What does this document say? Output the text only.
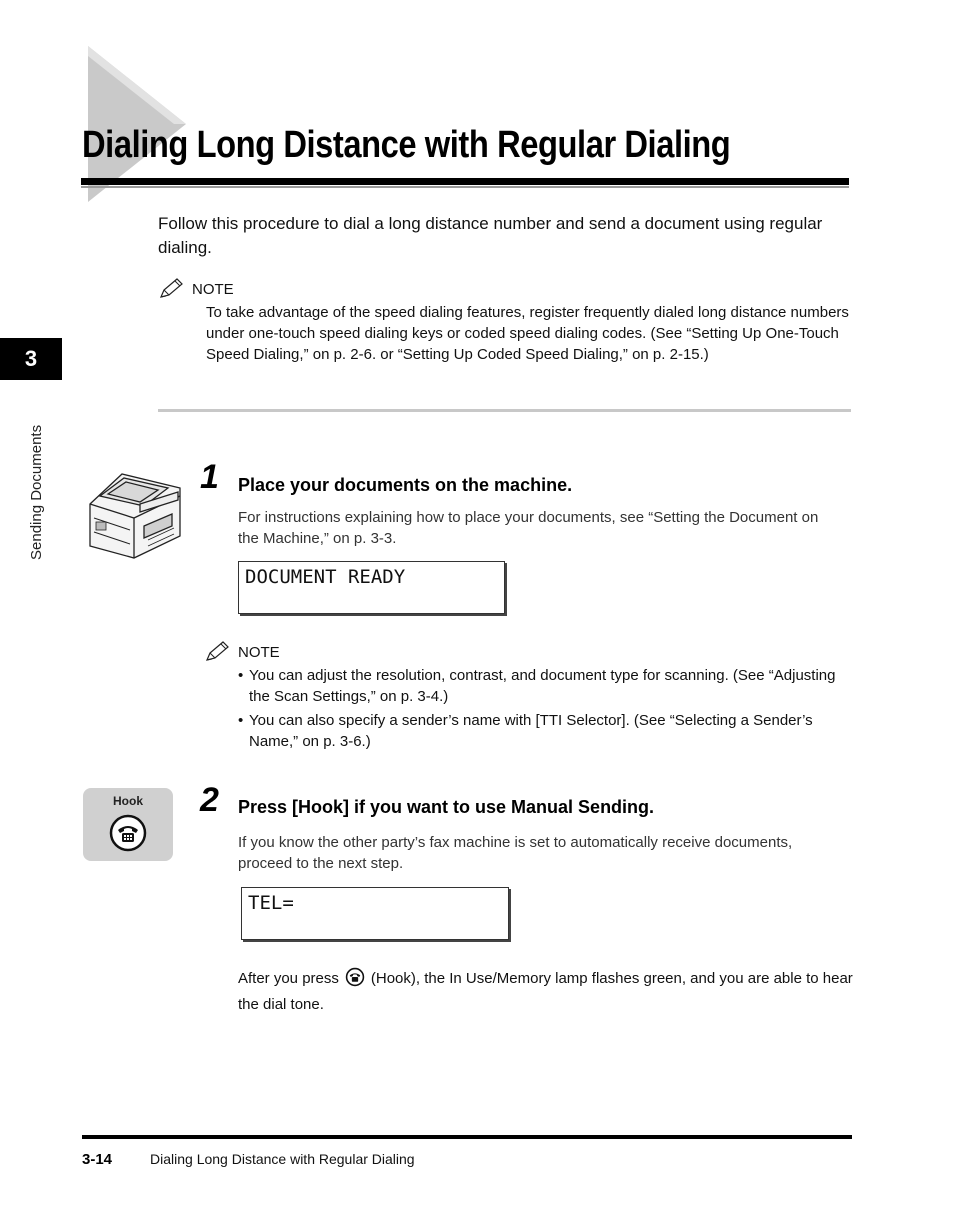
Dialing Long Distance with Regular Dialing
3
Sending Documents

Follow this procedure to dial a long distance number and send a document using regular dialing.

NOTE

To take advantage of the speed dialing features, register frequently dialed long distance numbers under one-touch speed dialing keys or coded speed dialing codes. (See “Setting Up One-Touch Speed Dialing,” on p. 2-6. or “Setting Up Coded Speed Dialing,” on p. 2-15.)

1 Place your documents on the machine.

For instructions explaining how to place your documents, see “Setting the Document on the Machine,” on p. 3-3.

DOCUMENT READY
NOTE
• You can adjust the resolution, contrast, and document type for scanning. (See “Adjusting the Scan Settings,” on p. 3-4.)
• You can also specify a sender’s name with [TTI Selector]. (See “Selecting a Sender’s Name,” on p. 3-6.)
Hook	2 Press [Hook] if you want to use Manual Sending.

If you know the other party’s fax machine is set to automatically receive documents, proceed to the next step.

TEL=

After you press (Hook), the In Use/Memory lamp flashes green, and you are able to hear the dial tone.

3-14	Dialing Long Distance with Regular Dialing
